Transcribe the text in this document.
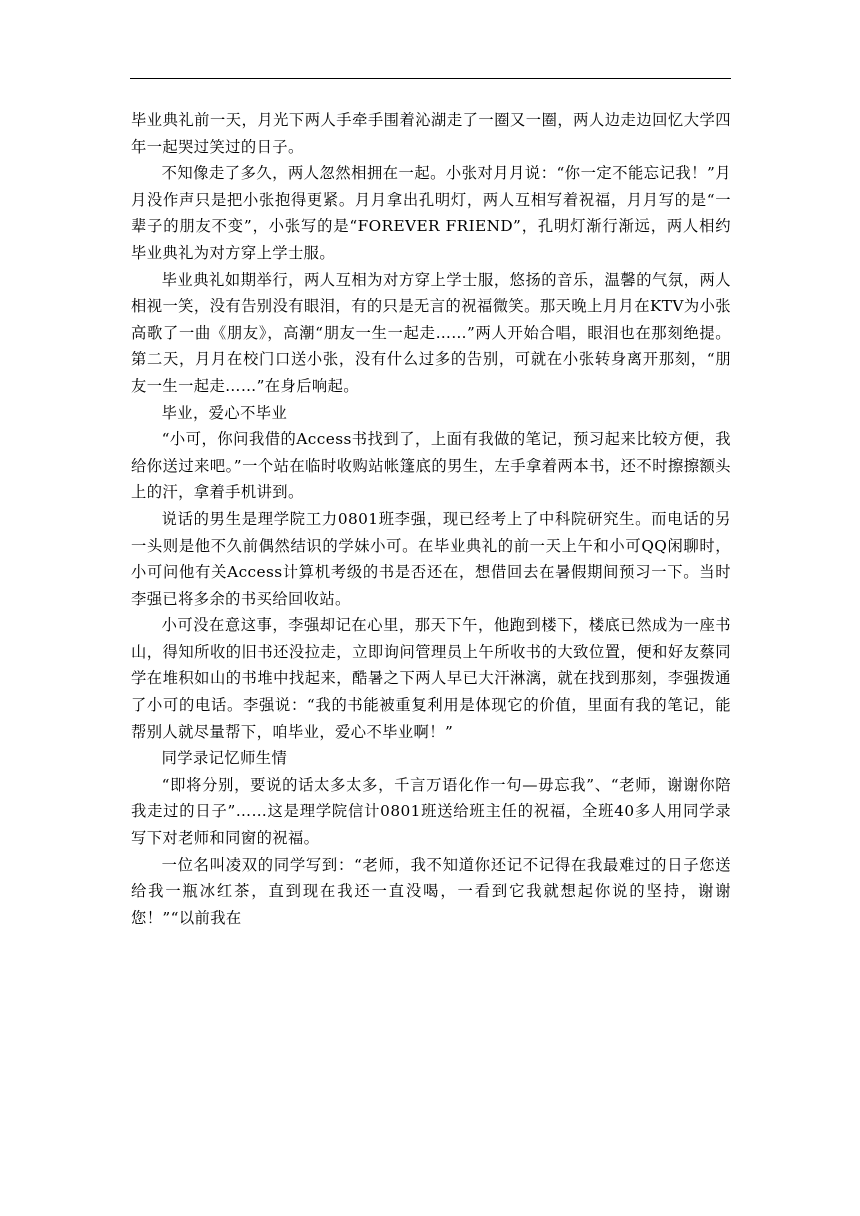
毕业典礼前一天，月光下两人手牵手围着沁湖走了一圈又一圈，两人边走边回忆大学四年一起哭过笑过的日子。

不知像走了多久，两人忽然相拥在一起。小张对月月说：“你一定不能忘记我！”月月没作声只是把小张抱得更紧。月月拿出孔明灯，两人互相写着祝福，月月写的是“一辈子的朋友不变”，小张写的是“FOREVER FRIEND”，孔明灯渐行渐远，两人相约毕业典礼为对方穿上学士服。

毕业典礼如期举行，两人互相为对方穿上学士服，悠扬的音乐，温馨的气氛，两人相视一笑，没有告别没有眼泪，有的只是无言的祝福微笑。那天晚上月月在KTV为小张高歌了一曲《朋友》，高潮“朋友一生一起走……”两人开始合唱，眼泪也在那刻绝提。第二天，月月在校门口送小张，没有什么过多的告别，可就在小张转身离开那刻，“朋友一生一起走……”在身后响起。

毕业，爱心不毕业

“小可，你问我借的Access书找到了，上面有我做的笔记，预习起来比较方便，我给你送过来吧。”一个站在临时收购站帐篷底的男生，左手拿着两本书，还不时擦擦额头上的汗，拿着手机讲到。

说话的男生是理学院工力0801班李强，现已经考上了中科院研究生。而电话的另一头则是他不久前偶然结识的学妹小可。在毕业典礼的前一天上午和小可QQ闲聊时，小可问他有关Access计算机考级的书是否还在，想借回去在暑假期间预习一下。当时李强已将多余的书买给回收站。

小可没在意这事，李强却记在心里，那天下午，他跑到楼下，楼底已然成为一座书山，得知所收的旧书还没拉走，立即询问管理员上午所收书的大致位置，便和好友蔡同学在堆积如山的书堆中找起来，酷暑之下两人早已大汗淋漓，就在找到那刻，李强拨通了小可的电话。李强说：“我的书能被重复利用是体现它的价值，里面有我的笔记，能帮别人就尽量帮下，咱毕业，爱心不毕业啊！”

同学录记忆师生情

“即将分别，要说的话太多太多，千言万语化作一句—毋忘我”、“老师，谢谢你陪我走过的日子”……这是理学院信计0801班送给班主任的祝福，全班40多人用同学录写下对老师和同窗的祝福。

一位名叫凌双的同学写到：“老师，我不知道你还记不记得在我最难过的日子您送给我一瓶冰红茶，直到现在我还一直没喝，一看到它我就想起你说的坚持，谢谢您！”“以前我在
